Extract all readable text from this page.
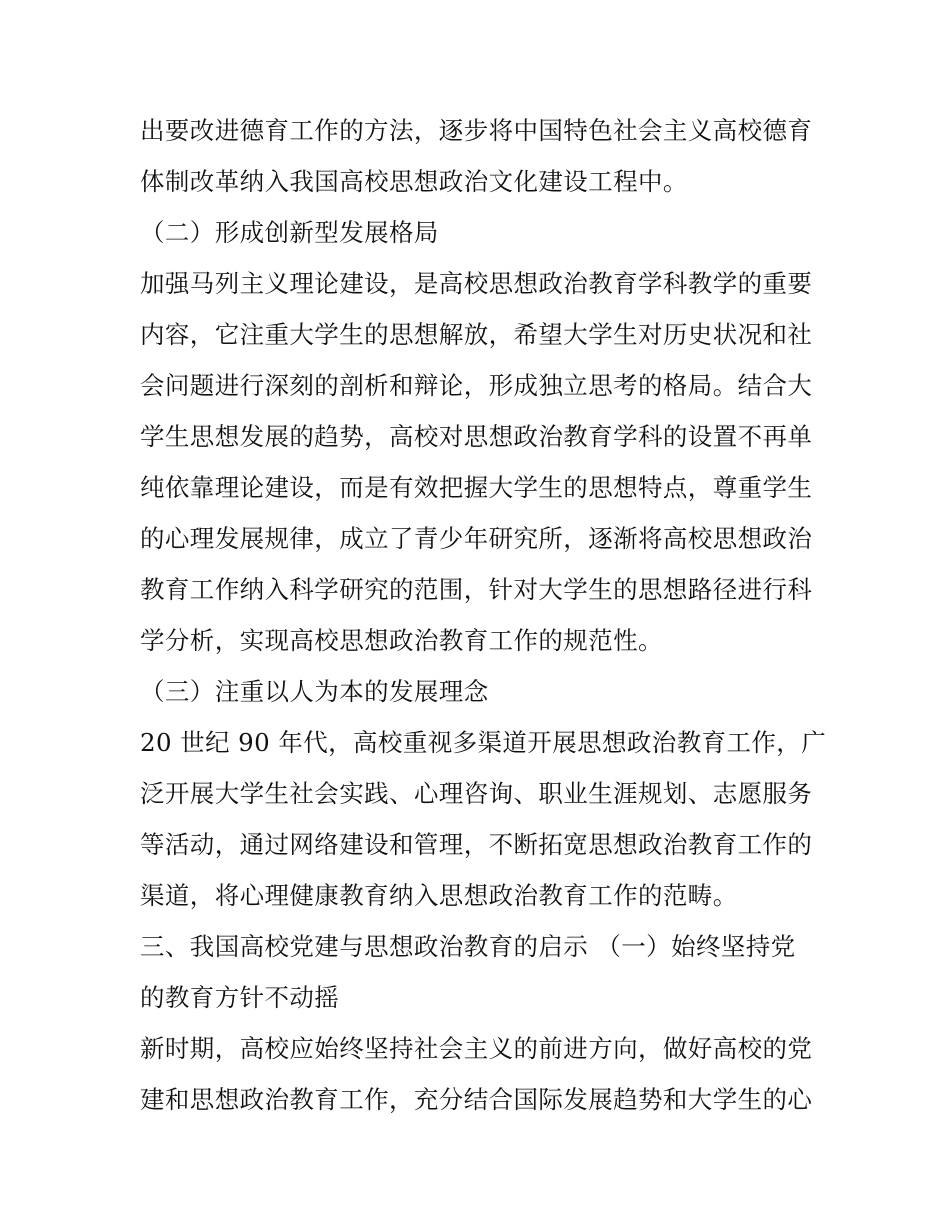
出要改进德育工作的方法，逐步将中国特色社会主义高校德育
体制改革纳入我国高校思想政治文化建设工程中。
（二）形成创新型发展格局
加强马列主义理论建设，是高校思想政治教育学科教学的重要
内容，它注重大学生的思想解放，希望大学生对历史状况和社
会问题进行深刻的剖析和辩论，形成独立思考的格局。结合大
学生思想发展的趋势，高校对思想政治教育学科的设置不再单
纯依靠理论建设，而是有效把握大学生的思想特点，尊重学生
的心理发展规律，成立了青少年研究所，逐渐将高校思想政治
教育工作纳入科学研究的范围，针对大学生的思想路径进行科
学分析，实现高校思想政治教育工作的规范性。
（三）注重以人为本的发展理念
20 世纪 90 年代，高校重视多渠道开展思想政治教育工作，广
泛开展大学生社会实践、心理咨询、职业生涯规划、志愿服务
等活动，通过网络建设和管理，不断拓宽思想政治教育工作的
渠道，将心理健康教育纳入思想政治教育工作的范畴。
三、我国高校党建与思想政治教育的启示 （一）始终坚持党
的教育方针不动摇
新时期，高校应始终坚持社会主义的前进方向，做好高校的党
建和思想政治教育工作，充分结合国际发展趋势和大学生的心
